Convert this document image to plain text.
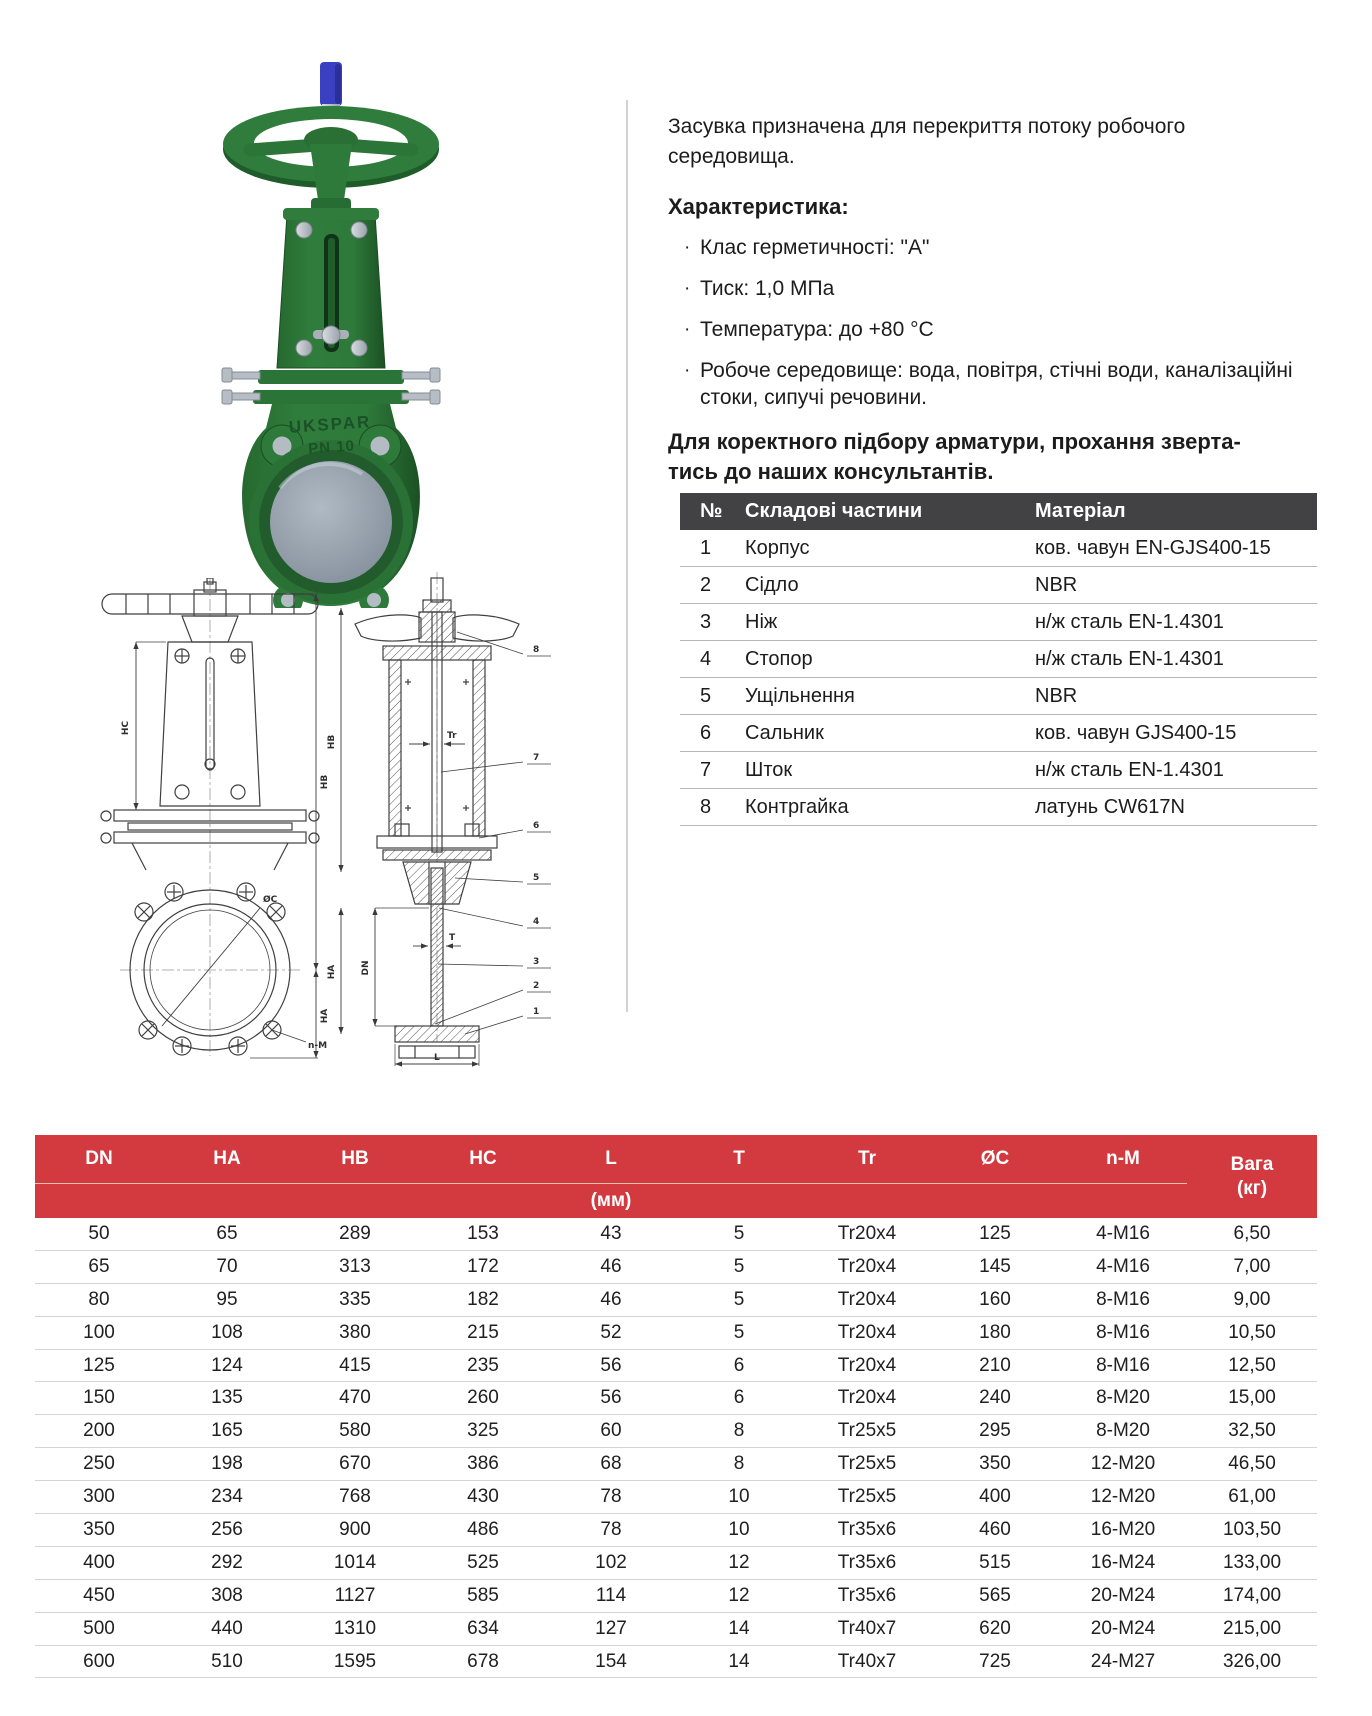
UKSPAR
PN 10

Засувка призначена для перекриття потоку робочого середовища.

Характеристика:
· Клас герметичності: "А"
· Тиск: 1,0 МПа
· Температура: до +80 °C
· Робоче середовище: вода, повітря, стічні води, каналізаційні стоки, сипучі речовини.
Для коректного підбору арматури, прохання зверта-
тись до наших консультантів.
№	Складові частини	Матеріал
1	Корпус	ков. чавун EN-GJS400-15
2	Сідло	NBR
3	Ніж	н/ж сталь EN-1.4301
4	Стопор	н/ж сталь EN-1.4301
5	Ущільнення	NBR
6	Сальник	ков. чавун GJS400-15
7	Шток	н/ж сталь EN-1.4301
8	Контргайка	латунь CW617N
HC
HB
HA
ØC
n-M
8
7
6
5
4
3
2
1
Tr
T
DN
L
HB
HA
DN	HA	HB	HC	L	T	Tr	ØC	n-M	Вага
(кг)
(мм)
50	65	289	153	43	5	Tr20x4	125	4-M16	6,50
65	70	313	172	46	5	Tr20x4	145	4-M16	7,00
80	95	335	182	46	5	Tr20x4	160	8-M16	9,00
100	108	380	215	52	5	Tr20x4	180	8-M16	10,50
125	124	415	235	56	6	Tr20x4	210	8-M16	12,50
150	135	470	260	56	6	Tr20x4	240	8-M20	15,00
200	165	580	325	60	8	Tr25x5	295	8-M20	32,50
250	198	670	386	68	8	Tr25x5	350	12-M20	46,50
300	234	768	430	78	10	Tr25x5	400	12-M20	61,00
350	256	900	486	78	10	Tr35x6	460	16-M20	103,50
400	292	1014	525	102	12	Tr35x6	515	16-M24	133,00
450	308	1127	585	114	12	Tr35x6	565	20-M24	174,00
500	440	1310	634	127	14	Tr40x7	620	20-M24	215,00
600	510	1595	678	154	14	Tr40x7	725	24-M27	326,00
